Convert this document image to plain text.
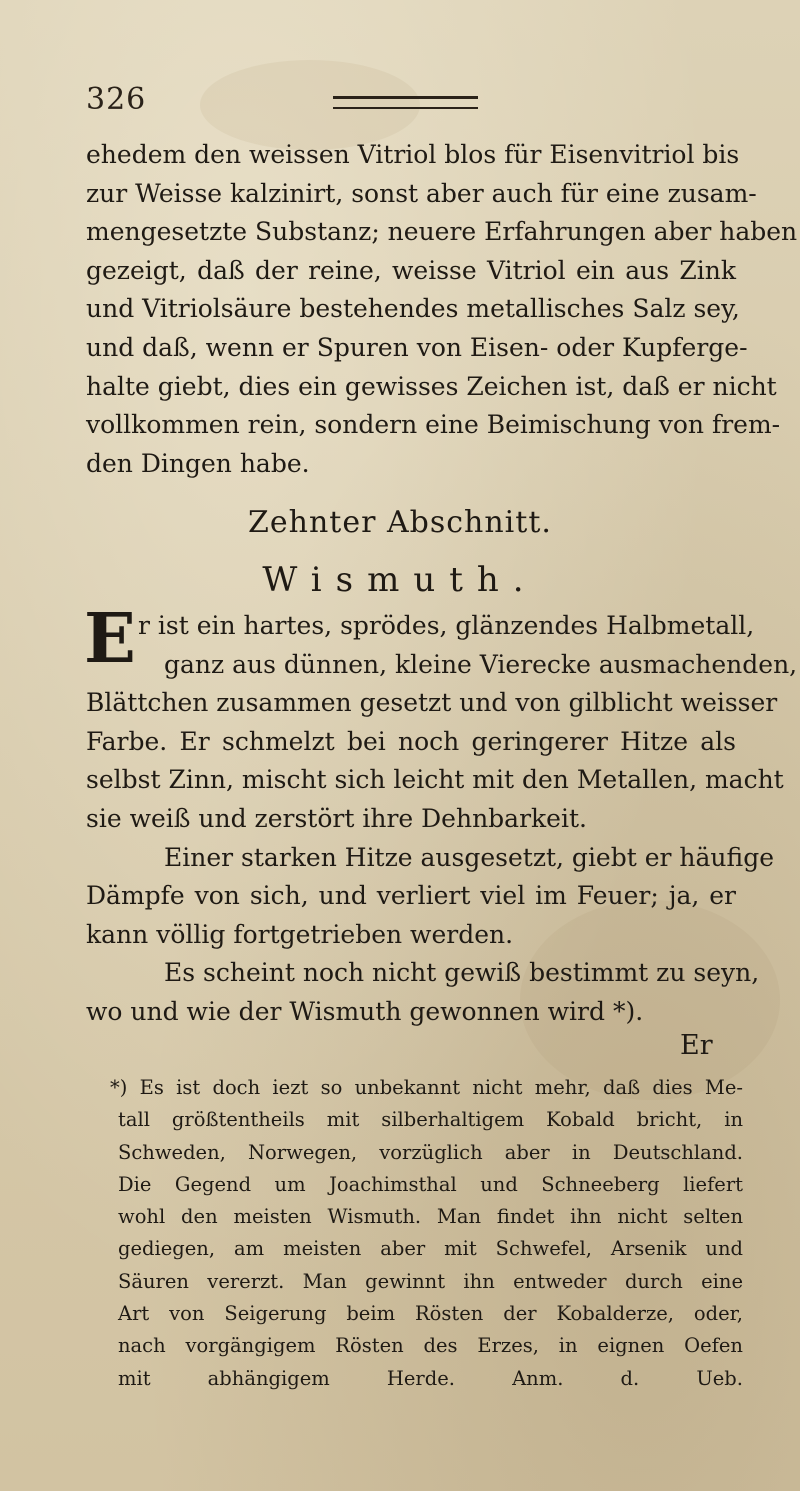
326
ehedem den weissen Vitriol blos für Eisenvitriol bis
zur Weisse kalzinirt, sonst aber auch für eine zusam-
mengesetzte Substanz; neuere Erfahrungen aber haben
gezeigt, daß der reine, weisse Vitriol ein aus Zink
und Vitriolsäure bestehendes metallisches Salz sey,
und daß, wenn er Spuren von Eisen- oder Kupferge-
halte giebt, dies ein gewisses Zeichen ist, daß er nicht
vollkommen rein, sondern eine Beimischung von frem-
den Dingen habe.
Zehnter Abschnitt.
Wismuth.
E r ist ein hartes, sprödes, glänzendes Halbmetall,
ganz aus dünnen, kleine Vierecke ausmachenden,
Blättchen zusammen gesetzt und von gilblicht weisser
Farbe. Er schmelzt bei noch geringerer Hitze als
selbst Zinn, mischt sich leicht mit den Metallen, macht
sie weiß und zerstört ihre Dehnbarkeit.
Einer starken Hitze ausgesetzt, giebt er häufige
Dämpfe von sich, und verliert viel im Feuer; ja, er
kann völlig fortgetrieben werden.
Es scheint noch nicht gewiß bestimmt zu seyn,
wo und wie der Wismuth gewonnen wird *).
Er
*) Es ist doch iezt so unbekannt nicht mehr, daß dies Me-
tall größtentheils mit silberhaltigem Kobald bricht, in
Schweden, Norwegen, vorzüglich aber in Deutschland.
Die Gegend um Joachimsthal und Schneeberg liefert
wohl den meisten Wismuth. Man findet ihn nicht selten
gediegen, am meisten aber mit Schwefel, Arsenik und
Säuren vererzt. Man gewinnt ihn entweder durch eine
Art von Seigerung beim Rösten der Kobalderze, oder,
nach vorgängigem Rösten des Erzes, in eignen Oefen
mit abhängigem Herde. Anm. d. Ueb.
